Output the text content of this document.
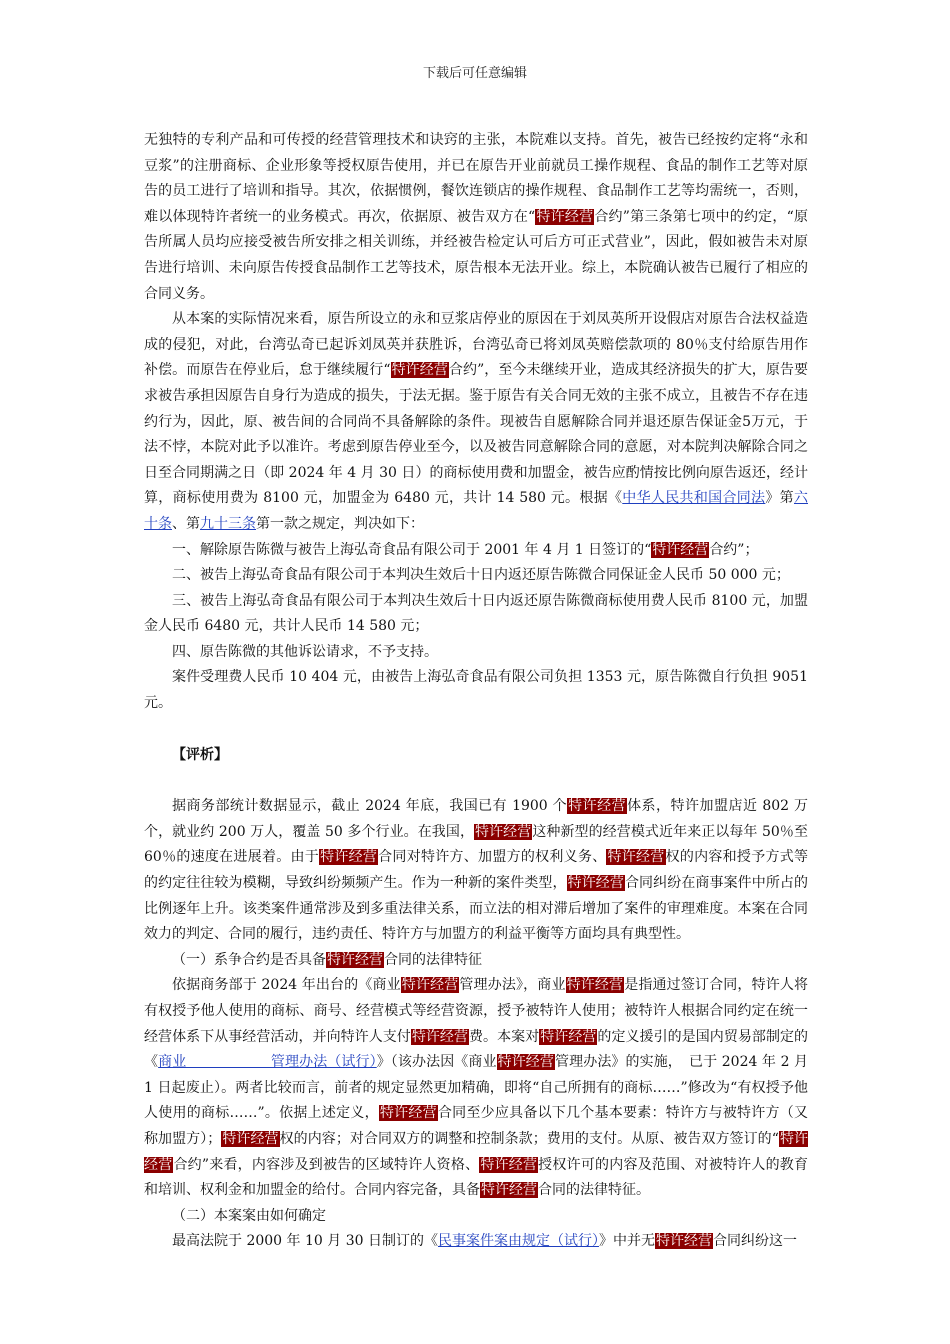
下载后可任意编辑

无独特的专利产品和可传授的经营管理技术和诀窍的主张，本院难以支持。首先，被告已经按约定将“永和豆浆”的注册商标、企业形象等授权原告使用，并已在原告开业前就员工操作规程、食品的制作工艺等对原告的员工进行了培训和指导。其次，依据惯例，餐饮连锁店的操作规程、食品制作工艺等均需统一，否则，难以体现特许者统一的业务模式。再次，依据原、被告双方在“特许经营合约”第三条第七项中的约定，“原告所属人员均应接受被告所安排之相关训练，并经被告检定认可后方可正式营业”，因此，假如被告未对原告进行培训、未向原告传授食品制作工艺等技术，原告根本无法开业。综上，本院确认被告已履行了相应的合同义务。

从本案的实际情况来看，原告所设立的永和豆浆店停业的原因在于刘凤英所开设假店对原告合法权益造成的侵犯，对此，台湾弘奇已起诉刘凤英并获胜诉，台湾弘奇已将刘凤英赔偿款项的 80％支付给原告用作补偿。而原告在停业后，怠于继续履行“特许经营合约”，至今未继续开业，造成其经济损失的扩大，原告要求被告承担因原告自身行为造成的损失，于法无据。鉴于原告有关合同无效的主张不成立，且被告不存在违约行为，因此，原、被告间的合同尚不具备解除的条件。现被告自愿解除合同并退还原告保证金5万元，于法不悖，本院对此予以准许。考虑到原告停业至今，以及被告同意解除合同的意愿，对本院判决解除合同之日至合同期满之日（即 2024 年 4 月 30 日）的商标使用费和加盟金，被告应酌情按比例向原告返还，经计算，商标使用费为 8100 元，加盟金为 6480 元，共计 14 580 元。根据《中华人民共和国合同法》第六十条、第九十三条第一款之规定，判决如下：

一、解除原告陈微与被告上海弘奇食品有限公司于 2001 年 4 月 1 日签订的“特许经营合约”；

二、被告上海弘奇食品有限公司于本判决生效后十日内返还原告陈微合同保证金人民币 50 000 元；

三、被告上海弘奇食品有限公司于本判决生效后十日内返还原告陈微商标使用费人民币 8100 元，加盟金人民币 6480 元，共计人民币 14 580 元；

四、原告陈微的其他诉讼请求，不予支持。

案件受理费人民币 10 404 元，由被告上海弘奇食品有限公司负担 1353 元，原告陈微自行负担 9051 元。

【评析】

据商务部统计数据显示，截止 2024 年底，我国已有 1900 个特许经营体系，特许加盟店近 802 万个，就业约 200 万人，覆盖 50 多个行业。在我国，特许经营这种新型的经营模式近年来正以每年 50％至 60％的速度在进展着。由于特许经营合同对特许方、加盟方的权利义务、特许经营权的内容和授予方式等的约定往往较为模糊，导致纠纷频频产生。作为一种新的案件类型，特许经营合同纠纷在商事案件中所占的比例逐年上升。该类案件通常涉及到多重法律关系，而立法的相对滞后增加了案件的审理难度。本案在合同效力的判定、合同的履行，违约责任、特许方与加盟方的利益平衡等方面均具有典型性。

（一）系争合约是否具备特许经营合同的法律特征

依据商务部于 2024 年出台的《商业特许经营管理办法》，商业特许经营是指通过签订合同，特许人将有权授予他人使用的商标、商号、经营模式等经营资源，授予被特许人使用；被特许人根据合同约定在统一经营体系下从事经营活动，并向特许人支付特许经营费。本案对特许经营的定义援引的是国内贸易部制定的《商业　　　　　　管理办法（试行）》（该办法因《商业特许经营管理办法》的实施，　已于 2024 年 2 月 1 日起废止）。两者比较而言，前者的规定显然更加精确，即将“自己所拥有的商标……”修改为“有权授予他人使用的商标……”。依据上述定义，特许经营合同至少应具备以下几个基本要素：特许方与被特许方（又称加盟方）；特许经营权的内容；对合同双方的调整和控制条款；费用的支付。从原、被告双方签订的“特许经营合约”来看，内容涉及到被告的区域特许人资格、特许经营授权许可的内容及范围、对被特许人的教育和培训、权利金和加盟金的给付。合同内容完备，具备特许经营合同的法律特征。

（二）本案案由如何确定

最高法院于 2000 年 10 月 30 日制订的《民事案件案由规定（试行）》中并无特许经营合同纠纷这一
